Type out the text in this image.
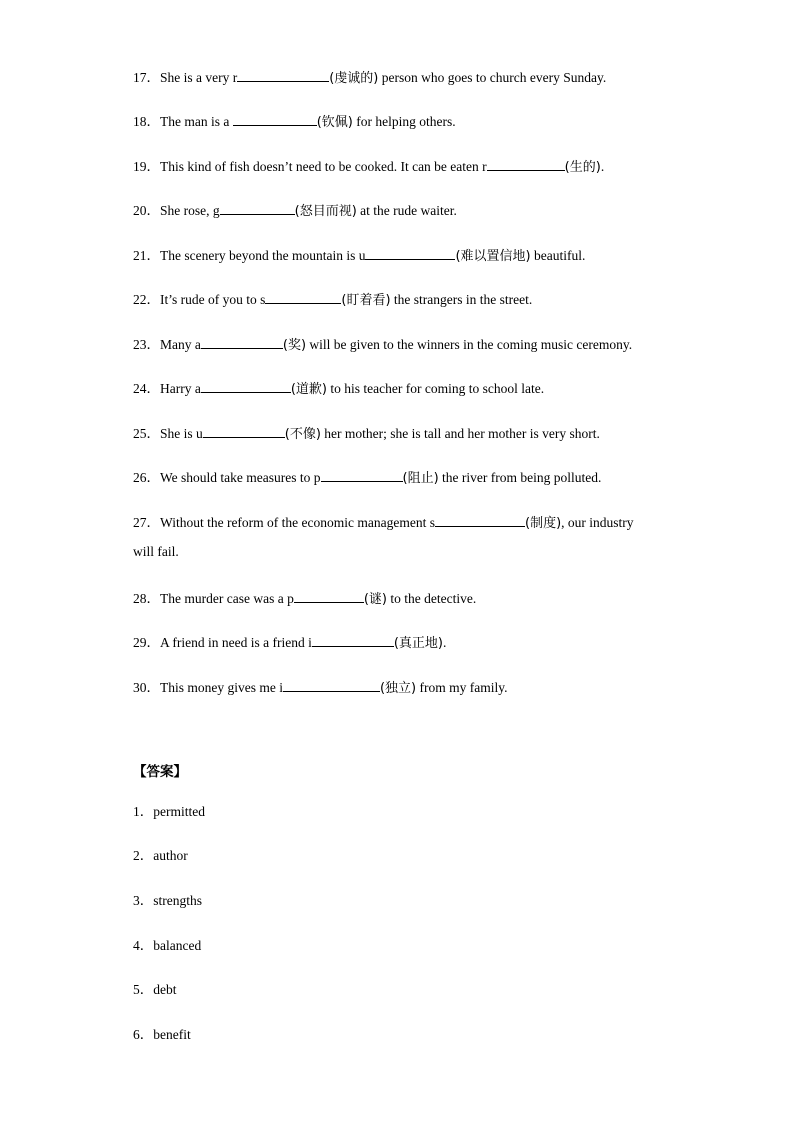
17．She is a very r	(虔诚的) person who goes to church every Sunday.
18．The man is a	(钦佩) for helping others.
19．This kind of fish doesn’t need to be cooked. It can be eaten r	(生的).
20．She rose, g	(怒目而视) at the rude waiter.
21．The scenery beyond the mountain is u	(难以置信地) beautiful.
22．It’s rude of you to s	(盯着看) the strangers in the street.
23．Many a	(奖) will be given to the winners in the coming music ceremony.
24．Harry a	(道歉) to his teacher for coming to school late.
25．She is u	(不像) her mother; she is tall and her mother is very short.
26．We should take measures to p	(阻止) the river from being polluted.
27．Without the reform of the economic management s	(制度), our industry
will fail.
28．The murder case was a p	(谜) to the detective.
29．A friend in need is a friend i	(真正地).
30．This money gives me i	(独立) from my family.
【答案】
1．permitted
2．author
3．strengths
4．balanced
5．debt
6．benefit
